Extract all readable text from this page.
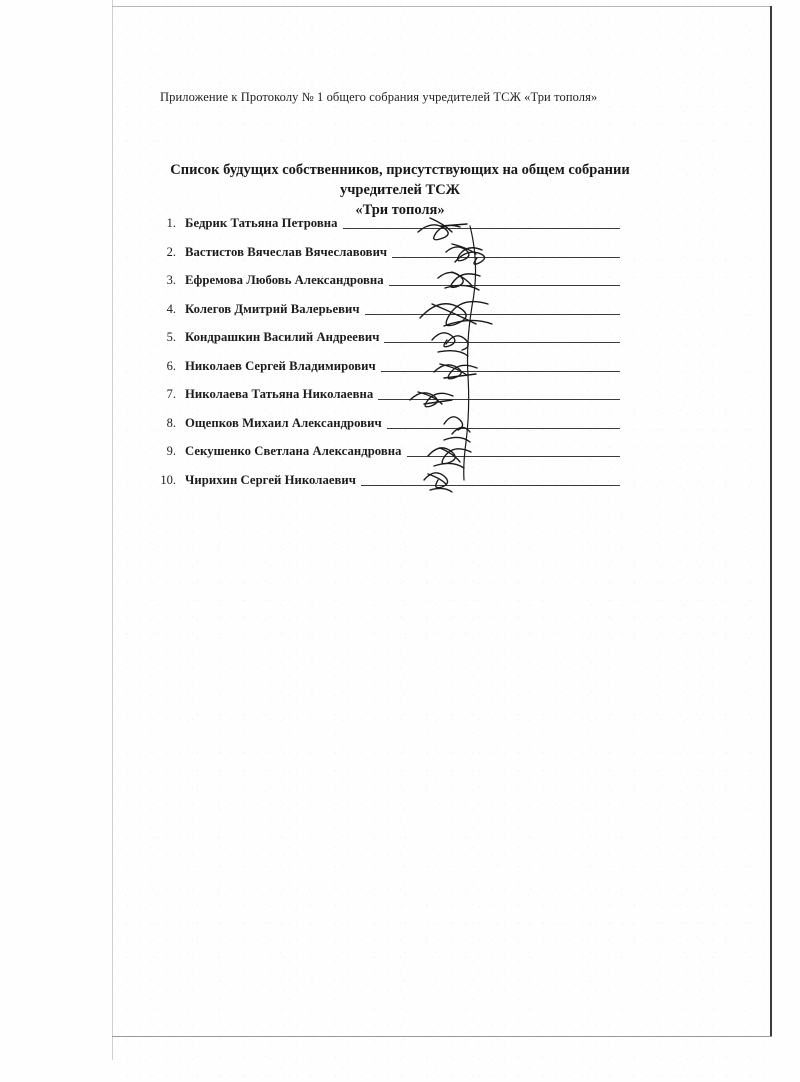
Приложение к Протоколу № 1 общего собрания учредителей ТСЖ «Три тополя»
Список будущих собственников, присутствующих на общем собрании учредителей ТСЖ
«Три тополя»
1. Бедрик Татьяна Петровна
2. Вастистов Вячеслав Вячеславович
3. Ефремова Любовь Александровна
4. Колегов Дмитрий Валерьевич
5. Кондрашкин Василий Андреевич
6. Николаев Сергей Владимирович
7. Николаева Татьяна Николаевна
8. Ощепков Михаил Александрович
9. Секушенко Светлана Александровна
10. Чирихин Сергей Николаевич
